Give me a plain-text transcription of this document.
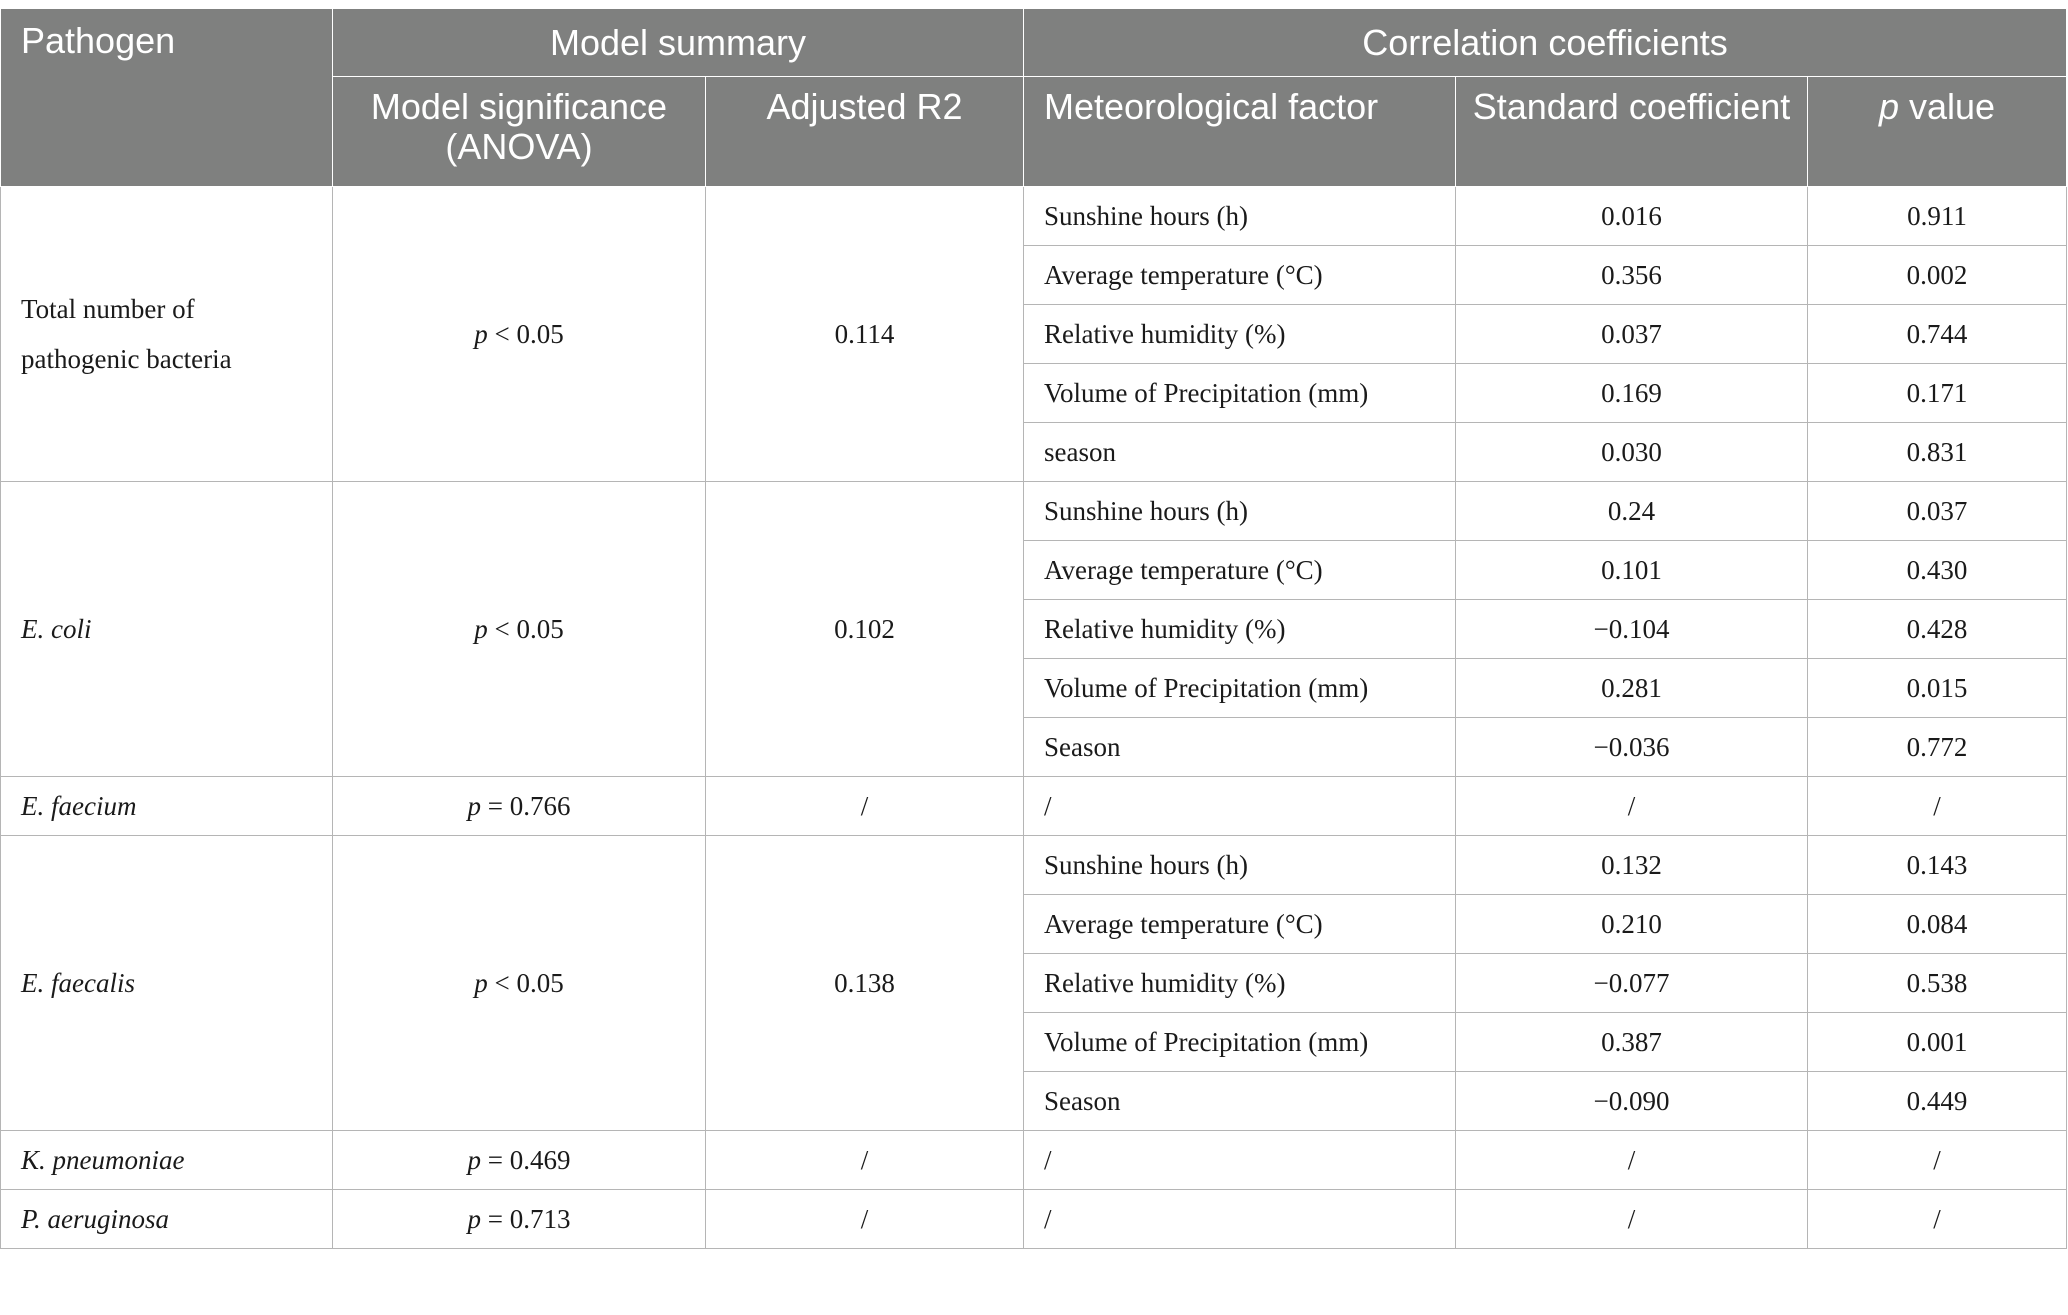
Pathogen	Model summary		Correlation coefficients		
	Model significance (ANOVA)	Adjusted R2	Meteorological factor	Standard coefficient	p value
Total number of pathogenic bacteria	p < 0.05	0.114	Sunshine hours (h)	0.016	0.911
			Average temperature (°C)	0.356	0.002
			Relative humidity (%)	0.037	0.744
			Volume of Precipitation (mm)	0.169	0.171
			season	0.030	0.831
E. coli	p < 0.05	0.102	Sunshine hours (h)	0.24	0.037
			Average temperature (°C)	0.101	0.430
			Relative humidity (%)	−0.104	0.428
			Volume of Precipitation (mm)	0.281	0.015
			Season	−0.036	0.772
E. faecium	p = 0.766	/	/	/	/
E. faecalis	p < 0.05	0.138	Sunshine hours (h)	0.132	0.143
			Average temperature (°C)	0.210	0.084
			Relative humidity (%)	−0.077	0.538
			Volume of Precipitation (mm)	0.387	0.001
			Season	−0.090	0.449
K. pneumoniae	p = 0.469	/	/	/	/
P. aeruginosa	p = 0.713	/	/	/	/
